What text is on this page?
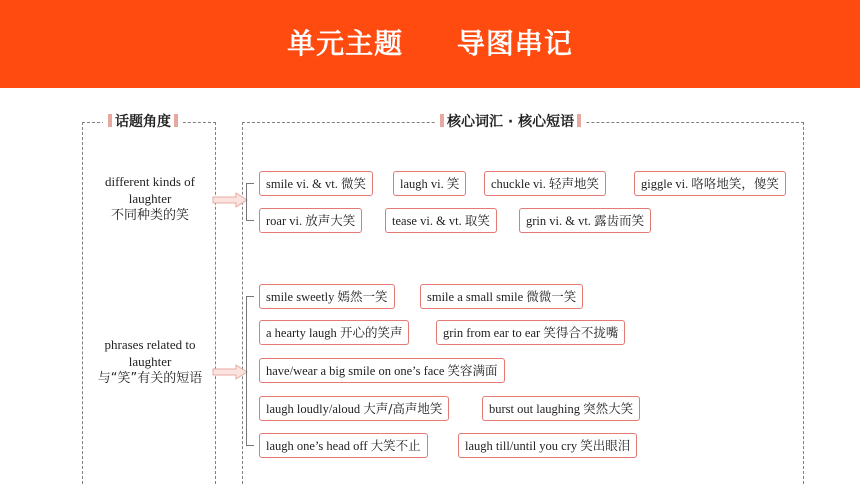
单元主题     导图串记
话题角度	核心词汇 · 核心短语
different kinds of laughter
不同种类的笑
phrases related to laughter
与“笑”有关的短语
smile vi. & vt. 微笑	laugh vi. 笑	chuckle vi. 轻声地笑	giggle vi. 咯咯地笑，傻笑
roar vi. 放声大笑	tease vi. & vt. 取笑	grin vi. & vt. 露齿而笑
smile sweetly 嫣然一笑	smile a small smile 微微一笑
a hearty laugh 开心的笑声	grin from ear to ear 笑得合不拢嘴
have/wear a big smile on one’s face 笑容满面
laugh loudly/aloud 大声/高声地笑	burst out laughing 突然大笑
laugh one’s head off 大笑不止	laugh till/until you cry 笑出眼泪
